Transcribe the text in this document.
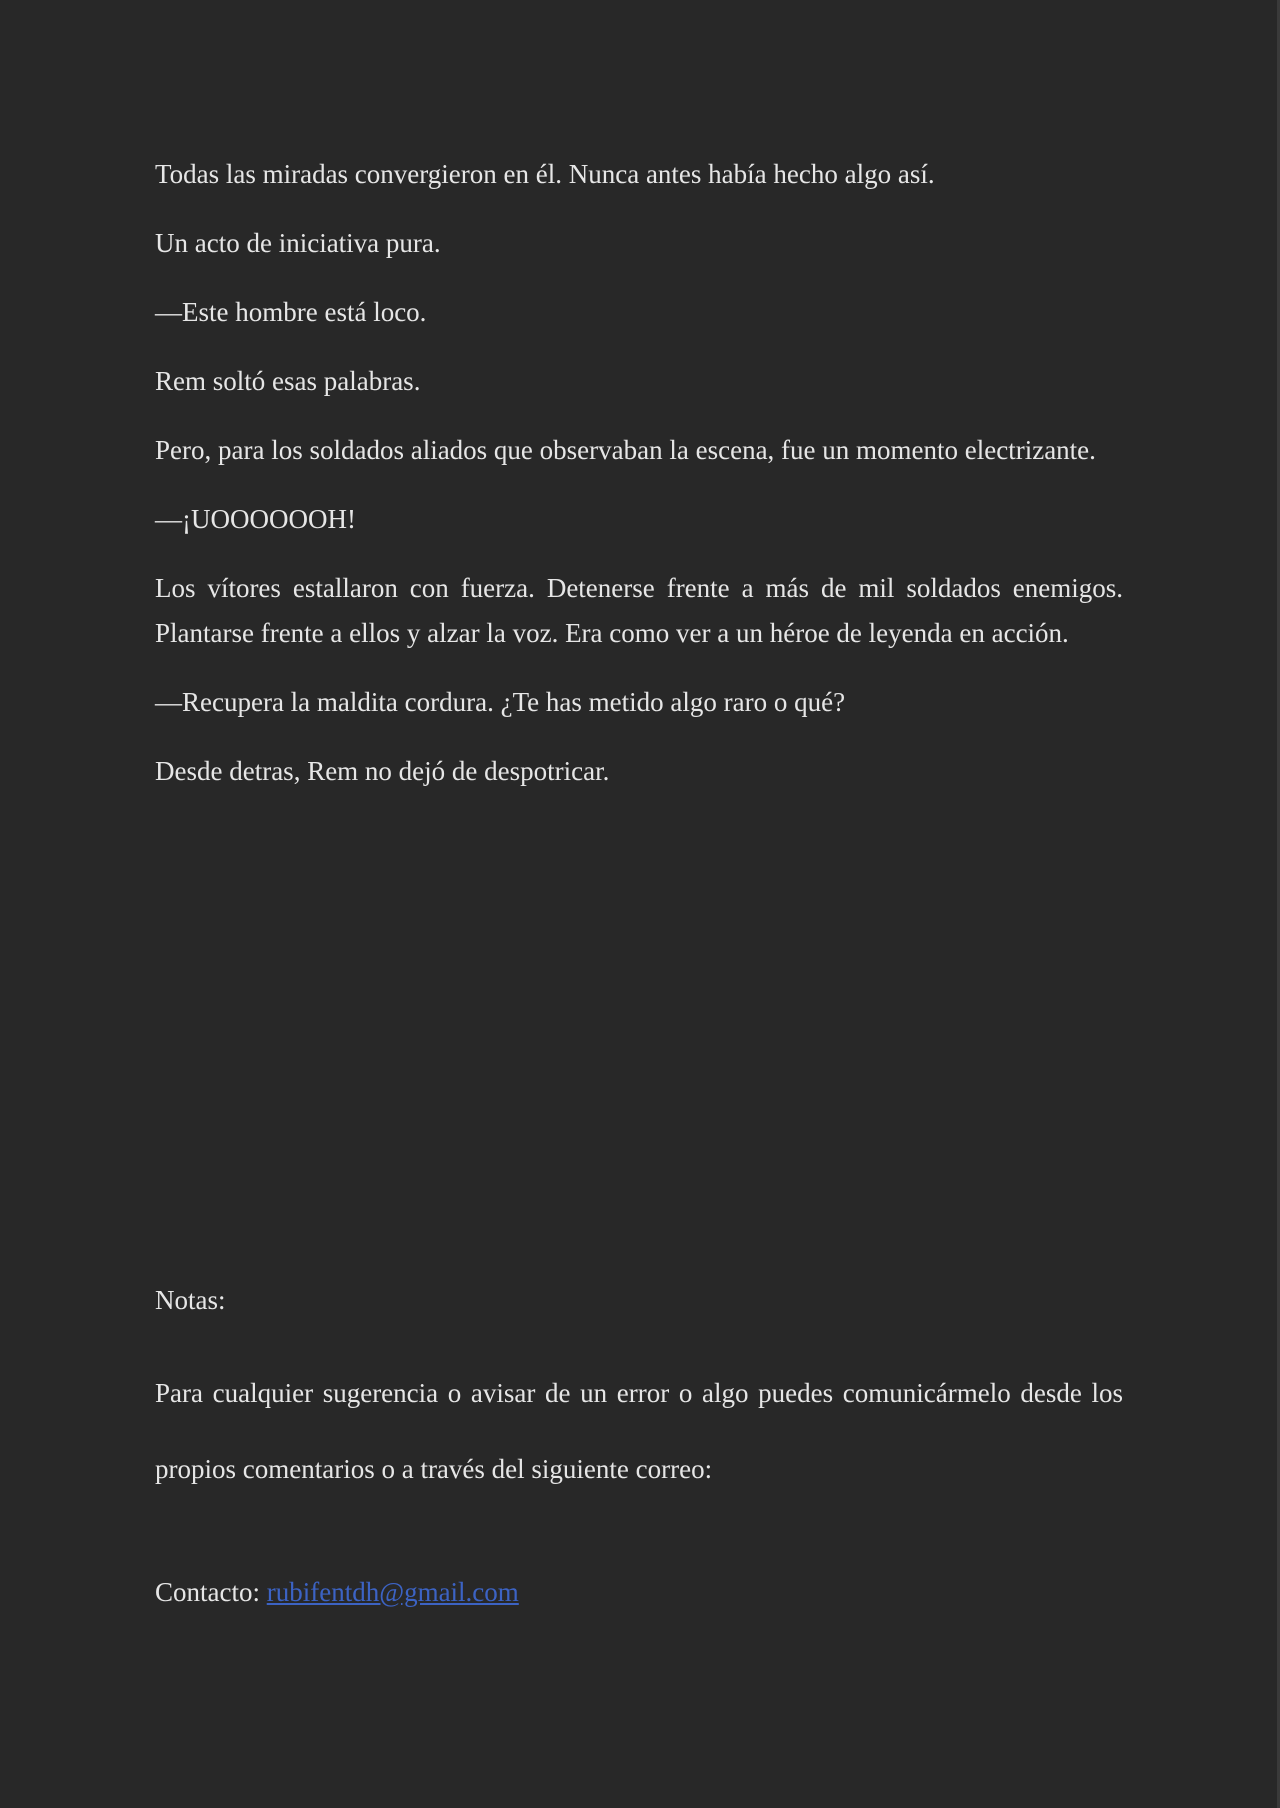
Todas las miradas convergieron en él. Nunca antes había hecho algo así.

Un acto de iniciativa pura.

—Este hombre está loco.

Rem soltó esas palabras.

Pero, para los soldados aliados que observaban la escena, fue un momento electrizante.

—¡UOOOOOOH!

Los vítores estallaron con fuerza. Detenerse frente a más de mil soldados enemigos. Plantarse frente a ellos y alzar la voz. Era como ver a un héroe de leyenda en acción.

—Recupera la maldita cordura. ¿Te has metido algo raro o qué?

Desde detras, Rem no dejó de despotricar.

Notas:

Para cualquier sugerencia o avisar de un error o algo puedes comunicármelo desde los propios comentarios o a través del siguiente correo:

Contacto: rubifentdh@gmail.com
